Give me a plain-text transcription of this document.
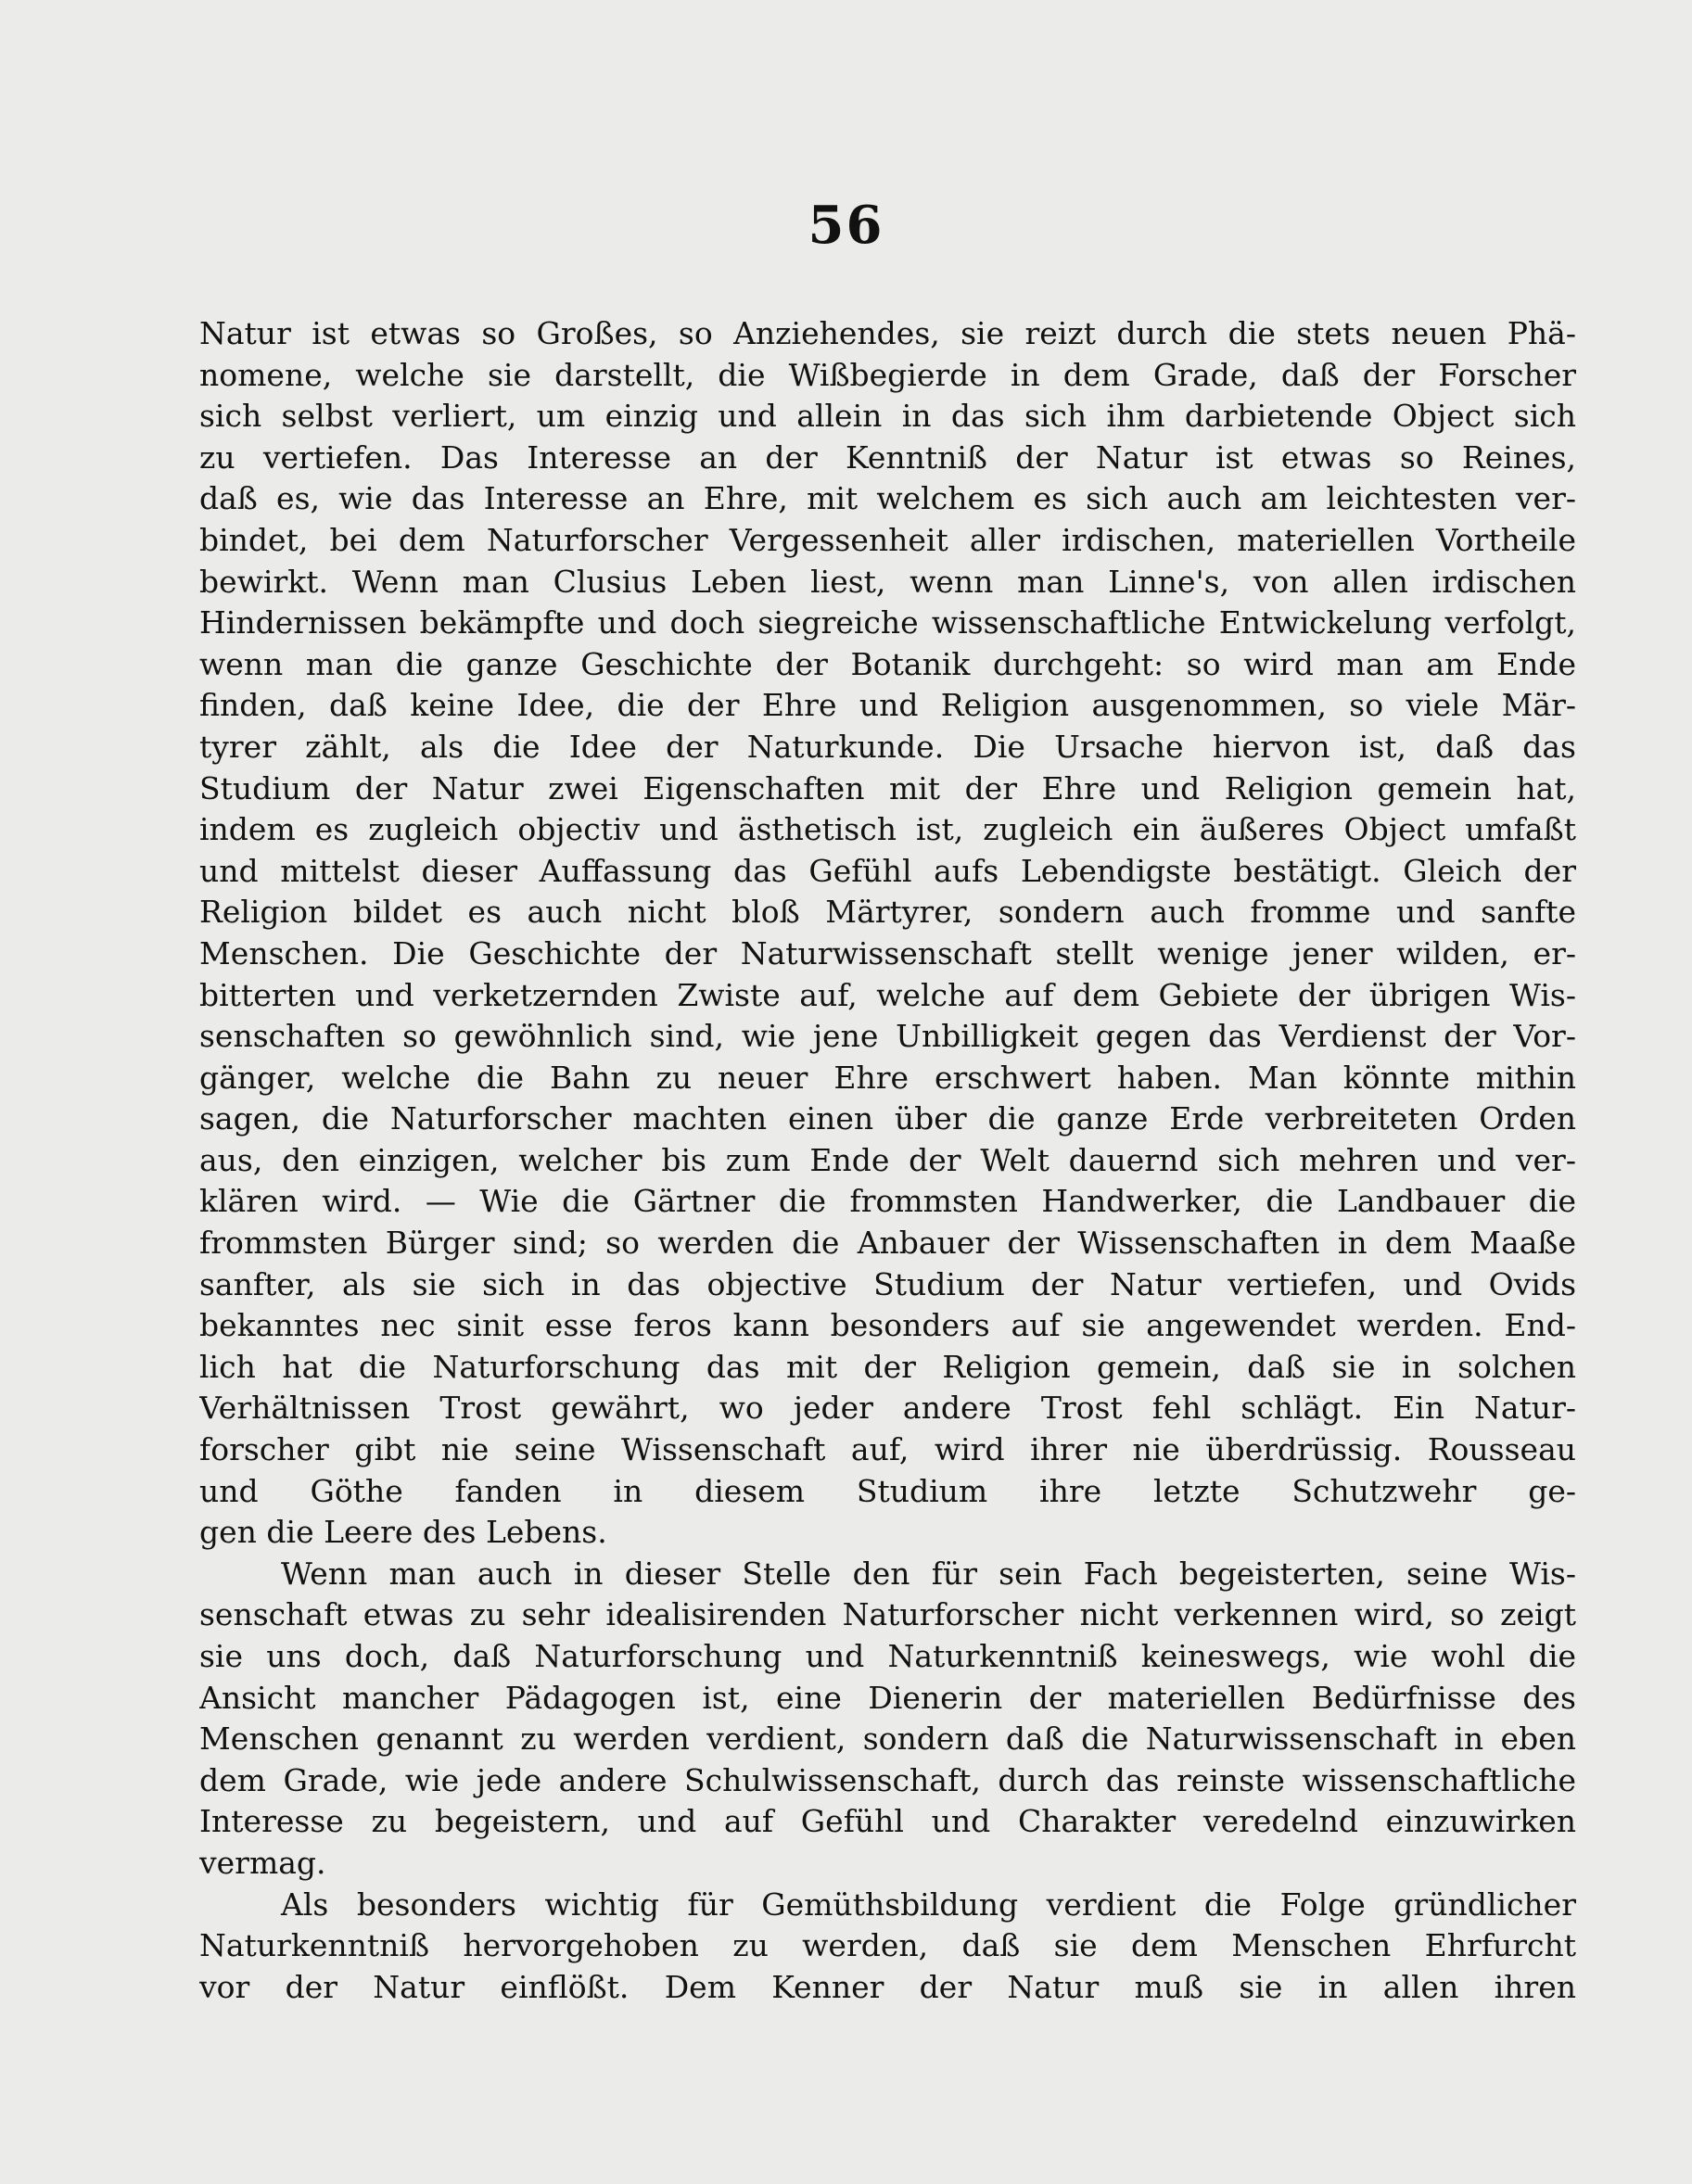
56
Natur ist etwas so Großes, so Anziehendes, sie reizt durch die stets neuen Phä-
nomene, welche sie darstellt, die Wißbegierde in dem Grade, daß der Forscher
sich selbst verliert, um einzig und allein in das sich ihm darbietende Object sich
zu vertiefen. Das Interesse an der Kenntniß der Natur ist etwas so Reines,
daß es, wie das Interesse an Ehre, mit welchem es sich auch am leichtesten ver-
bindet, bei dem Naturforscher Vergessenheit aller irdischen, materiellen Vortheile
bewirkt. Wenn man Clusius Leben liest, wenn man Linne's, von allen irdischen
Hindernissen bekämpfte und doch siegreiche wissenschaftliche Entwickelung verfolgt,
wenn man die ganze Geschichte der Botanik durchgeht: so wird man am Ende
finden, daß keine Idee, die der Ehre und Religion ausgenommen, so viele Mär-
tyrer zählt, als die Idee der Naturkunde. Die Ursache hiervon ist, daß das
Studium der Natur zwei Eigenschaften mit der Ehre und Religion gemein hat,
indem es zugleich objectiv und ästhetisch ist, zugleich ein äußeres Object umfaßt
und mittelst dieser Auffassung das Gefühl aufs Lebendigste bestätigt. Gleich der
Religion bildet es auch nicht bloß Märtyrer, sondern auch fromme und sanfte
Menschen. Die Geschichte der Naturwissenschaft stellt wenige jener wilden, er-
bitterten und verketzernden Zwiste auf, welche auf dem Gebiete der übrigen Wis-
senschaften so gewöhnlich sind, wie jene Unbilligkeit gegen das Verdienst der Vor-
gänger, welche die Bahn zu neuer Ehre erschwert haben. Man könnte mithin
sagen, die Naturforscher machten einen über die ganze Erde verbreiteten Orden
aus, den einzigen, welcher bis zum Ende der Welt dauernd sich mehren und ver-
klären wird. — Wie die Gärtner die frommsten Handwerker, die Landbauer die
frommsten Bürger sind; so werden die Anbauer der Wissenschaften in dem Maaße
sanfter, als sie sich in das objective Studium der Natur vertiefen, und Ovids
bekanntes nec sinit esse feros kann besonders auf sie angewendet werden. End-
lich hat die Naturforschung das mit der Religion gemein, daß sie in solchen
Verhältnissen Trost gewährt, wo jeder andere Trost fehl schlägt. Ein Natur-
forscher gibt nie seine Wissenschaft auf, wird ihrer nie überdrüssig. Rousseau
und Göthe fanden in diesem Studium ihre letzte Schutzwehr ge-
gen die Leere des Lebens.
Wenn man auch in dieser Stelle den für sein Fach begeisterten, seine Wis-
senschaft etwas zu sehr idealisirenden Naturforscher nicht verkennen wird, so zeigt
sie uns doch, daß Naturforschung und Naturkenntniß keineswegs, wie wohl die
Ansicht mancher Pädagogen ist, eine Dienerin der materiellen Bedürfnisse des
Menschen genannt zu werden verdient, sondern daß die Naturwissenschaft in eben
dem Grade, wie jede andere Schulwissenschaft, durch das reinste wissenschaftliche
Interesse zu begeistern, und auf Gefühl und Charakter veredelnd einzuwirken
vermag.
Als besonders wichtig für Gemüthsbildung verdient die Folge gründlicher
Naturkenntniß hervorgehoben zu werden, daß sie dem Menschen Ehrfurcht
vor der Natur einflößt. Dem Kenner der Natur muß sie in allen ihren
